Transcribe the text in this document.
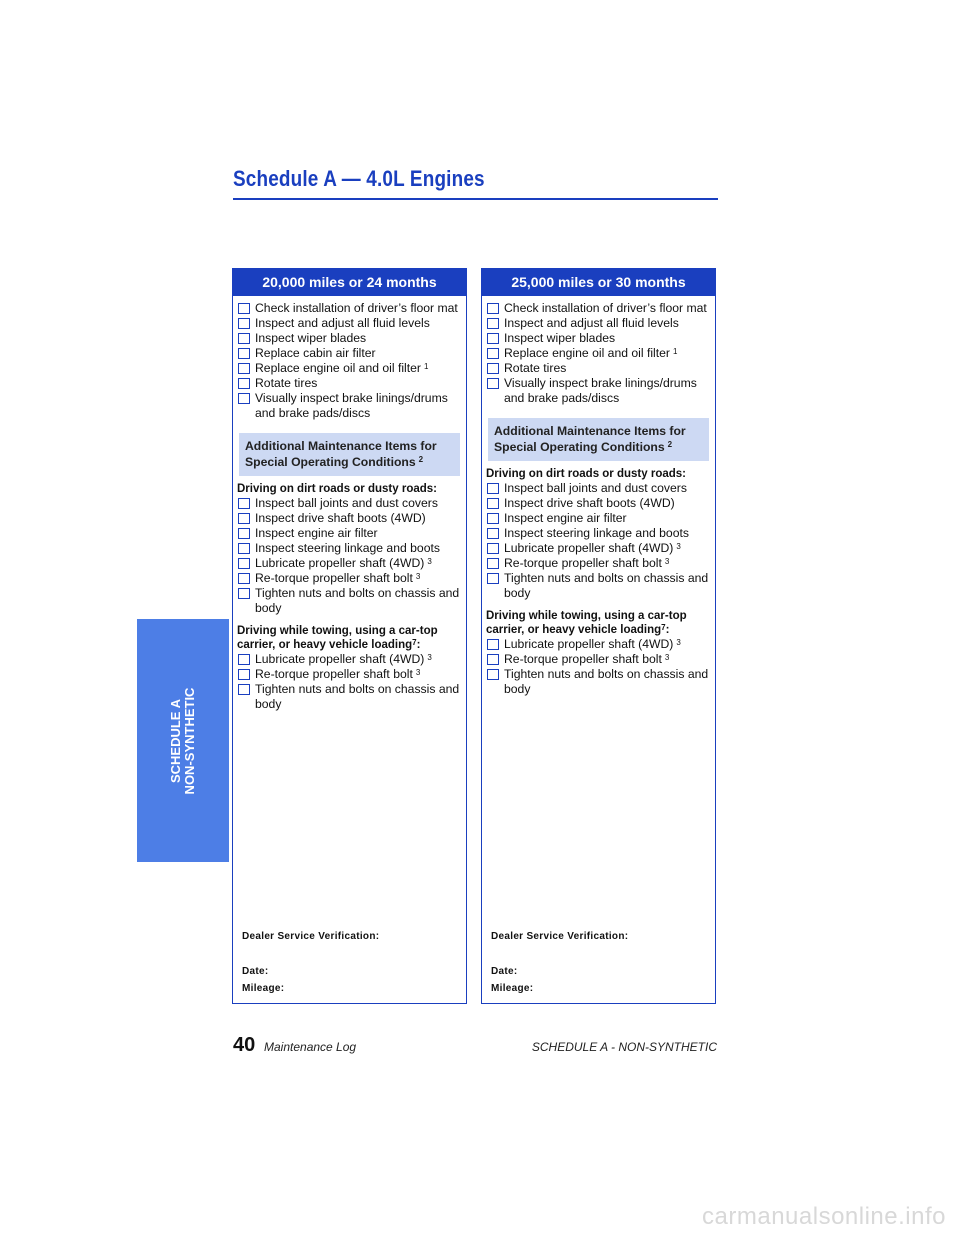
Schedule A — 4.0L Engines
SCHEDULE A NON-SYNTHETIC
20,000 miles or 24 months
Check installation of driver’s floor mat
Inspect and adjust all fluid levels
Inspect wiper blades
Replace cabin air filter
Replace engine oil and oil filter $^1$
Rotate tires
Visually inspect brake linings/drums and brake pads/discs
Additional Maintenance Items for
Special Operating Conditions $^2$
Driving on dirt roads or dusty roads:
Inspect ball joints and dust covers
Inspect drive shaft boots (4WD)
Inspect engine air filter
Inspect steering linkage and boots
Lubricate propeller shaft (4WD) $^3$
Re-torque propeller shaft bolt $^3$
Tighten nuts and bolts on chassis and body
Driving while towing, using a car-top carrier, or heavy vehicle loading$^7$:
Lubricate propeller shaft (4WD) $^3$
Re-torque propeller shaft bolt $^3$
Tighten nuts and bolts on chassis and body
Dealer Service Verification:
Date:
Mileage:
25,000 miles or 30 months
Check installation of driver’s floor mat
Inspect and adjust all fluid levels
Inspect wiper blades
Replace engine oil and oil filter $^1$
Rotate tires
Visually inspect brake linings/drums and brake pads/discs
Additional Maintenance Items for
Special Operating Conditions $^2$
Driving on dirt roads or dusty roads:
Inspect ball joints and dust covers
Inspect drive shaft boots (4WD)
Inspect engine air filter
Inspect steering linkage and boots
Lubricate propeller shaft (4WD) $^3$
Re-torque propeller shaft bolt $^3$
Tighten nuts and bolts on chassis and body
Driving while towing, using a car-top carrier, or heavy vehicle loading$^7$:
Lubricate propeller shaft (4WD) $^3$
Re-torque propeller shaft bolt $^3$
Tighten nuts and bolts on chassis and body
Dealer Service Verification:
Date:
Mileage:
40 Maintenance Log	SCHEDULE A - NON-SYNTHETIC
carmanualsonline.info
